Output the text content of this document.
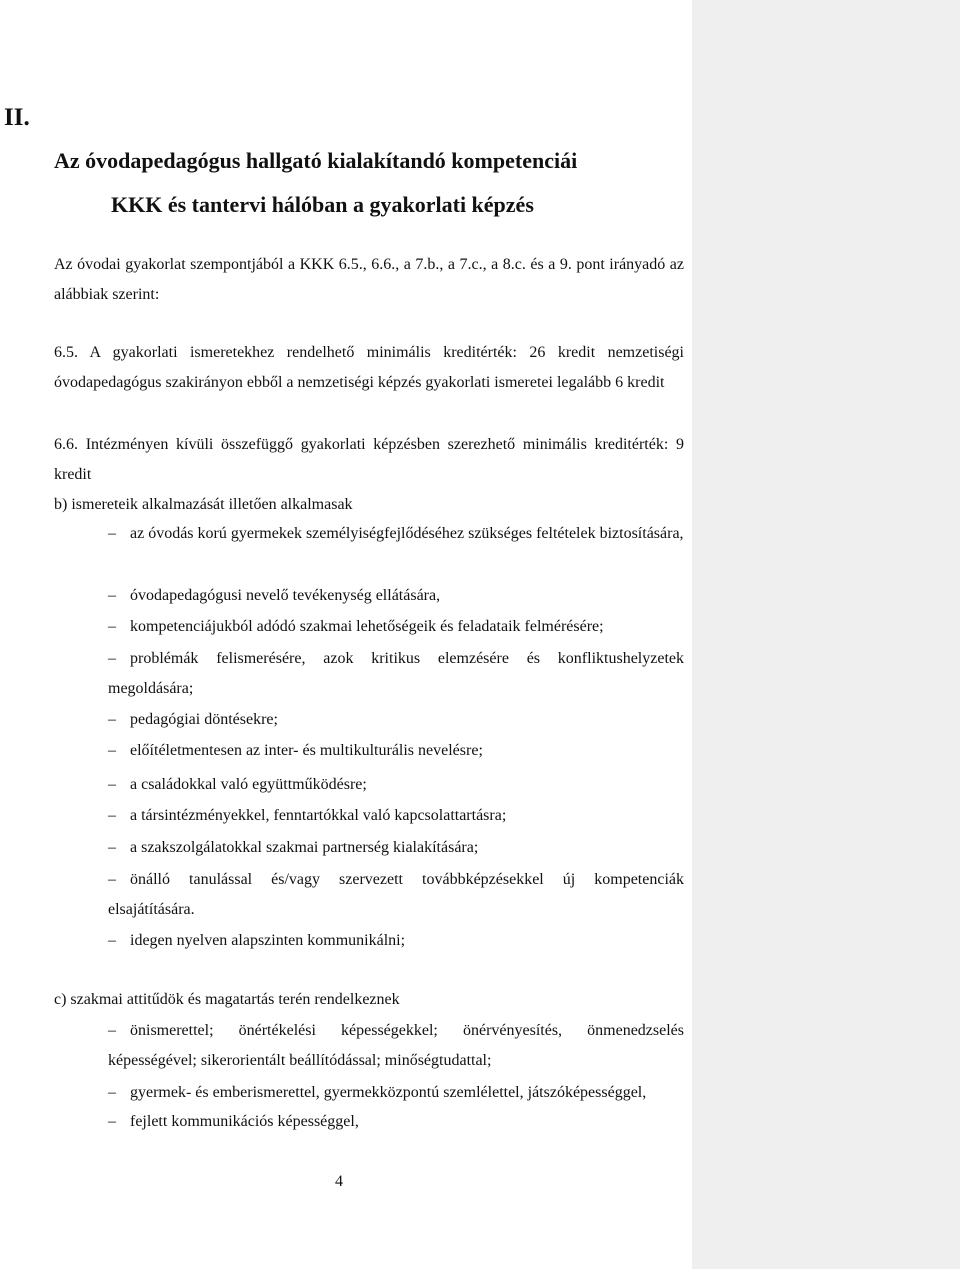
II.
Az óvodapedagógus hallgató kialakítandó kompetenciái
KKK és tantervi hálóban a gyakorlati képzés

Az óvodai gyakorlat szempontjából a KKK 6.5., 6.6., a 7.b., a 7.c., a 8.c. és a 9. pont irányadó az alábbiak szerint:

6.5. A gyakorlati ismeretekhez rendelhető minimális kreditérték: 26 kredit nemzetiségi óvodapedagógus szakirányon ebből a nemzetiségi képzés gyakorlati ismeretei legalább 6 kredit

6.6. Intézményen kívüli összefüggő gyakorlati képzésben szerezhető minimális kreditérték: 9 kredit

b) ismereteik alkalmazását illetően alkalmasak

– az óvodás korú gyermekek személyiségfejlődéséhez szükséges feltételek biztosítására,
– óvodapedagógusi nevelő tevékenység ellátására,
– kompetenciájukból adódó szakmai lehetőségeik és feladataik felmérésére;
– problémák felismerésére, azok kritikus elemzésére és konfliktushelyzetek megoldására;
– pedagógiai döntésekre;
– előítéletmentesen az inter- és multikulturális nevelésre;
– a családokkal való együttműködésre;
– a társintézményekkel, fenntartókkal való kapcsolattartásra;
– a szakszolgálatokkal szakmai partnerség kialakítására;
– önálló tanulással és/vagy szervezett továbbképzésekkel új kompetenciák elsajátítására.
– idegen nyelven alapszinten kommunikálni;

c) szakmai attitűdök és magatartás terén rendelkeznek

– önismerettel; önértékelési képességekkel; önérvényesítés, önmenedzselés képességével; sikerorientált beállítódással; minőségtudattal;
– gyermek- és emberismerettel, gyermekközpontú szemlélettel, játszóképességgel,
– fejlett kommunikációs képességgel,

4
